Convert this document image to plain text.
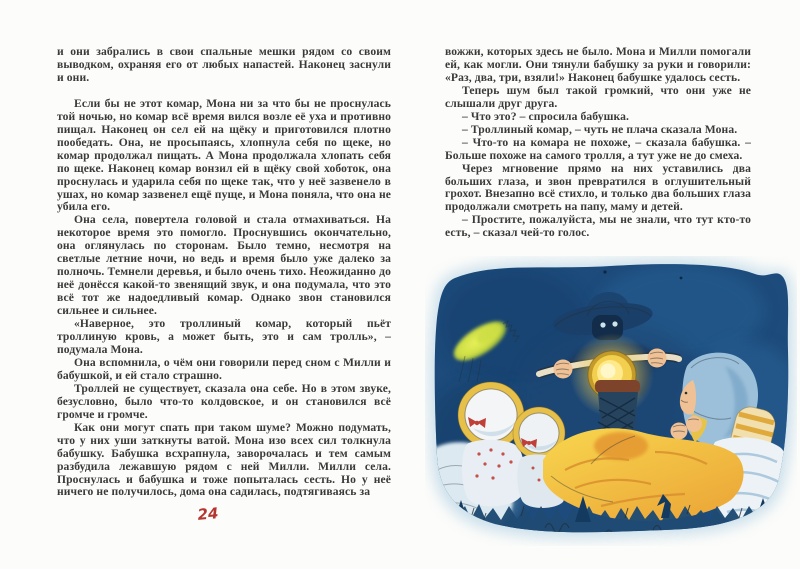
и они забрались в свои спальные мешки рядом со своим выводком, охраняя его от любых напастей. Наконец заснули и они.

Если бы не этот комар, Мона ни за что бы не проснулась той ночью, но комар всё время вился возле её уха и противно пищал. Наконец он сел ей на щёку и приготовился плотно пообедать. Она, не просыпаясь, хлопнула себя по щеке, но комар продолжал пищать. А Мона продолжала хлопать себя по щеке. Наконец комар вонзил ей в щёку свой хоботок, она проснулась и ударила себя по щеке так, что у неё зазвенело в ушах, но комар зазвенел ещё пуще, и Мона поняла, что она не убила его.

Она села, повертела головой и стала отмахиваться. На некоторое время это помогло. Проснувшись окончательно, она оглянулась по сторонам. Было темно, несмотря на светлые летние ночи, но ведь и время было уже далеко за полночь. Темнели деревья, и было очень тихо. Неожиданно до неё донёсся какой-то звенящий звук, и она подумала, что это всё тот же надоедливый комар. Однако звон становился сильнее и сильнее.

«Наверное, это троллиный комар, который пьёт троллиную кровь, а может быть, это и сам тролль», – подумала Мона.

Она вспомнила, о чём они говорили перед сном с Милли и бабушкой, и ей стало страшно.

Троллей не существует, сказала она себе. Но в этом звуке, безусловно, было что-то колдовское, и он становился всё громче и громче.

Как они могут спать при таком шуме? Можно подумать, что у них уши заткнуты ватой. Мона изо всех сил толкнула бабушку. Бабушка всхрапнула, заворочалась и тем самым разбудила лежавшую рядом с ней Милли. Милли села. Проснулась и бабушка и тоже попыталась сесть. Но у неё ничего не получилось, дома она садилась, подтягиваясь за

24

вожжи, которых здесь не было. Мона и Милли помогали ей, как могли. Они тянули бабушку за руки и говорили: «Раз, два, три, взяли!» Наконец бабушке удалось сесть.

Теперь шум был такой громкий, что они уже не слышали друг друга.

– Что это? – спросила бабушка.

– Троллиный комар, – чуть не плача сказала Мона.

– Что-то на комара не похоже, – сказала бабушка. – Больше похоже на самого тролля, а тут уже не до смеха.

Через мгновение прямо на них уставились два больших глаза, и звон превратился в оглушительный грохот. Внезапно всё стихло, и только два больших глаза продолжали смотреть на папу, маму и детей.

– Простите, пожалуйста, мы не знали, что тут кто-то есть, – сказал чей-то голос.
